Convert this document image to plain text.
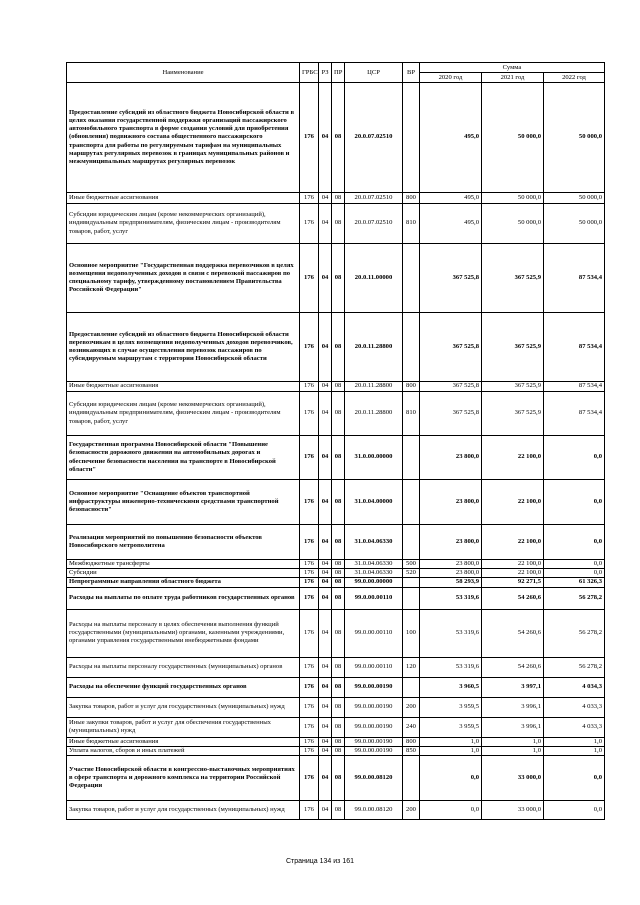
Наименование	ГРБС	РЗ	ПР	ЦСР	ВР	Сумма		
						2020 год	2021 год	2022 год
Предоставление субсидий из областного бюджета Новосибирской области в целях оказания государственной поддержки организаций пассажирского автомобильного транспорта в форме создания условий для приобретения (обновления) подвижного состава общественного пассажирского транспорта для работы по регулируемым тарифам на муниципальных маршрутах регулярных перевозок в границах муниципальных районов и межмуниципальных маршрутах регулярных перевозок	176	04	08	20.0.07.02510		495,0	50 000,0	50 000,0
Иные бюджетные ассигнования	176	04	08	20.0.07.02510	800	495,0	50 000,0	50 000,0
Субсидии юридическим лицам (кроме некоммерческих организаций), индивидуальным предпринимателям, физическим лицам - производителям товаров, работ, услуг	176	04	08	20.0.07.02510	810	495,0	50 000,0	50 000,0
Основное мероприятие "Государственная поддержка перевозчиков в целях возмещения недополученных доходов в связи с перевозкой пассажиров по специальному тарифу, утвержденному постановлением Правительства Российской Федерации"	176	04	08	20.0.11.00000		367 525,8	367 525,9	87 534,4
Предоставление субсидий из областного бюджета Новосибирской области перевозчикам в целях возмещения недополученных доходов перевозчиков, возникающих в случае осуществления перевозок пассажиров по субсидируемым маршрутам с территории Новосибирской области	176	04	08	20.0.11.28800		367 525,8	367 525,9	87 534,4
Иные бюджетные ассигнования	176	04	08	20.0.11.28800	800	367 525,8	367 525,9	87 534,4
Субсидии юридическим лицам (кроме некоммерческих организаций), индивидуальным предпринимателям, физическим лицам - производителям товаров, работ, услуг	176	04	08	20.0.11.28800	810	367 525,8	367 525,9	87 534,4
Государственная программа Новосибирской области "Повышение безопасности дорожного движения на автомобильных дорогах и обеспечение безопасности населения на транспорте в Новосибирской области"	176	04	08	31.0.00.00000		23 800,0	22 100,0	0,0
Основное мероприятие "Оснащение объектов транспортной инфраструктуры инженерно-техническими средствами транспортной безопасности"	176	04	08	31.0.04.00000		23 800,0	22 100,0	0,0
Реализация мероприятий по повышению безопасности объектов Новосибирского метрополитена	176	04	08	31.0.04.06330		23 800,0	22 100,0	0,0
Межбюджетные трансферты	176	04	08	31.0.04.06330	500	23 800,0	22 100,0	0,0
Субсидии	176	04	08	31.0.04.06330	520	23 800,0	22 100,0	0,0
Непрограммные направления областного бюджета	176	04	08	99.0.00.00000		58 293,9	92 271,5	61 326,3
Расходы на выплаты по оплате труда работников государственных органов	176	04	08	99.0.00.00110		53 319,6	54 260,6	56 278,2
Расходы на выплаты персоналу в целях обеспечения выполнения функций государственными (муниципальными) органами, казенными учреждениями, органами управления государственными внебюджетными фондами	176	04	08	99.0.00.00110	100	53 319,6	54 260,6	56 278,2
Расходы на выплаты персоналу государственных (муниципальных) органов	176	04	08	99.0.00.00110	120	53 319,6	54 260,6	56 278,2
Расходы на обеспечение функций государственных органов	176	04	08	99.0.00.00190		3 960,5	3 997,1	4 034,3
Закупка товаров, работ и услуг для государственных (муниципальных) нужд	176	04	08	99.0.00.00190	200	3 959,5	3 996,1	4 033,3
Иные закупки товаров, работ и услуг для обеспечения государственных (муниципальных) нужд	176	04	08	99.0.00.00190	240	3 959,5	3 996,1	4 033,3
Иные бюджетные ассигнования	176	04	08	99.0.00.00190	800	1,0	1,0	1,0
Уплата налогов, сборов и иных платежей	176	04	08	99.0.00.00190	850	1,0	1,0	1,0
Участие Новосибирской области в конгрессно-выставочных мероприятиях в сфере транспорта и дорожного комплекса на территории Российской Федерации	176	04	08	99.0.00.08120		0,0	33 000,0	0,0
Закупка товаров, работ и услуг для государственных (муниципальных) нужд	176	04	08	99.0.00.08120	200	0,0	33 000,0	0,0
Страница 134 из 161
